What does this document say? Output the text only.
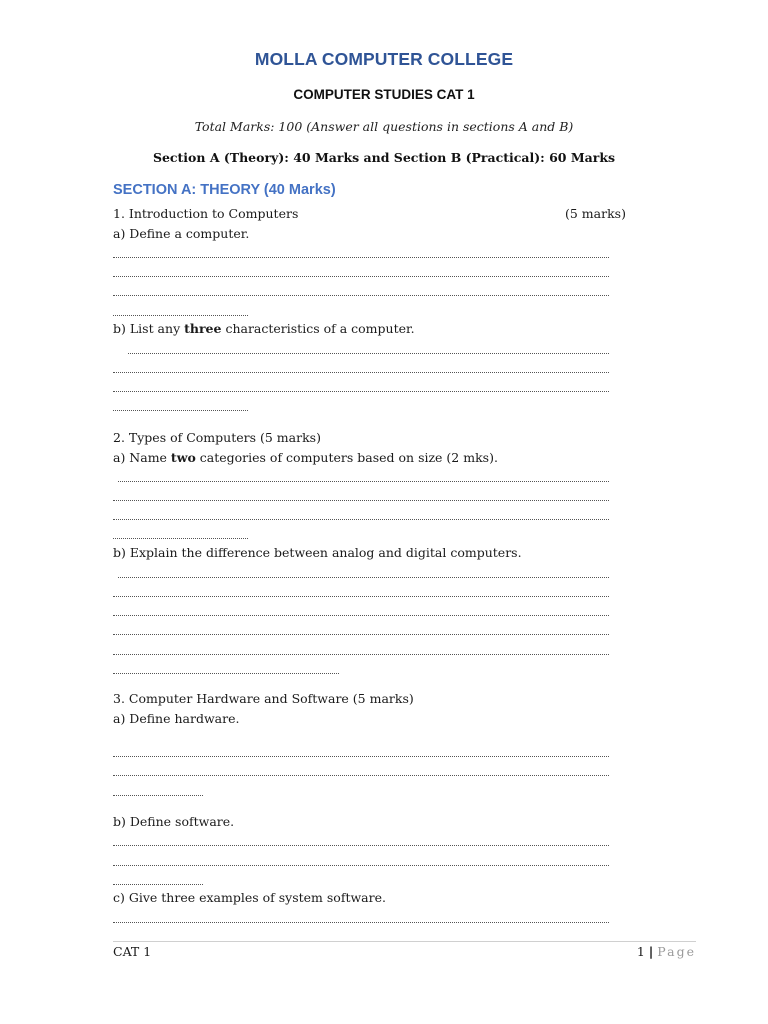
MOLLA COMPUTER COLLEGE
COMPUTER STUDIES CAT 1
Total Marks: 100 (Answer all questions in sections A and B)
Section A (Theory): 40 Marks and Section B (Practical): 60 Marks
SECTION A: THEORY (40 Marks)
1. Introduction to Computers	(5 marks)
a) Define a computer.
b) List any three characteristics of a computer.
2. Types of Computers (5 marks)
a) Name two categories of computers based on size (2 mks).
b) Explain the difference between analog and digital computers.
3. Computer Hardware and Software (5 marks)
a) Define hardware.
b) Define software.
c) Give three examples of system software.
CAT 1	1 | Page
